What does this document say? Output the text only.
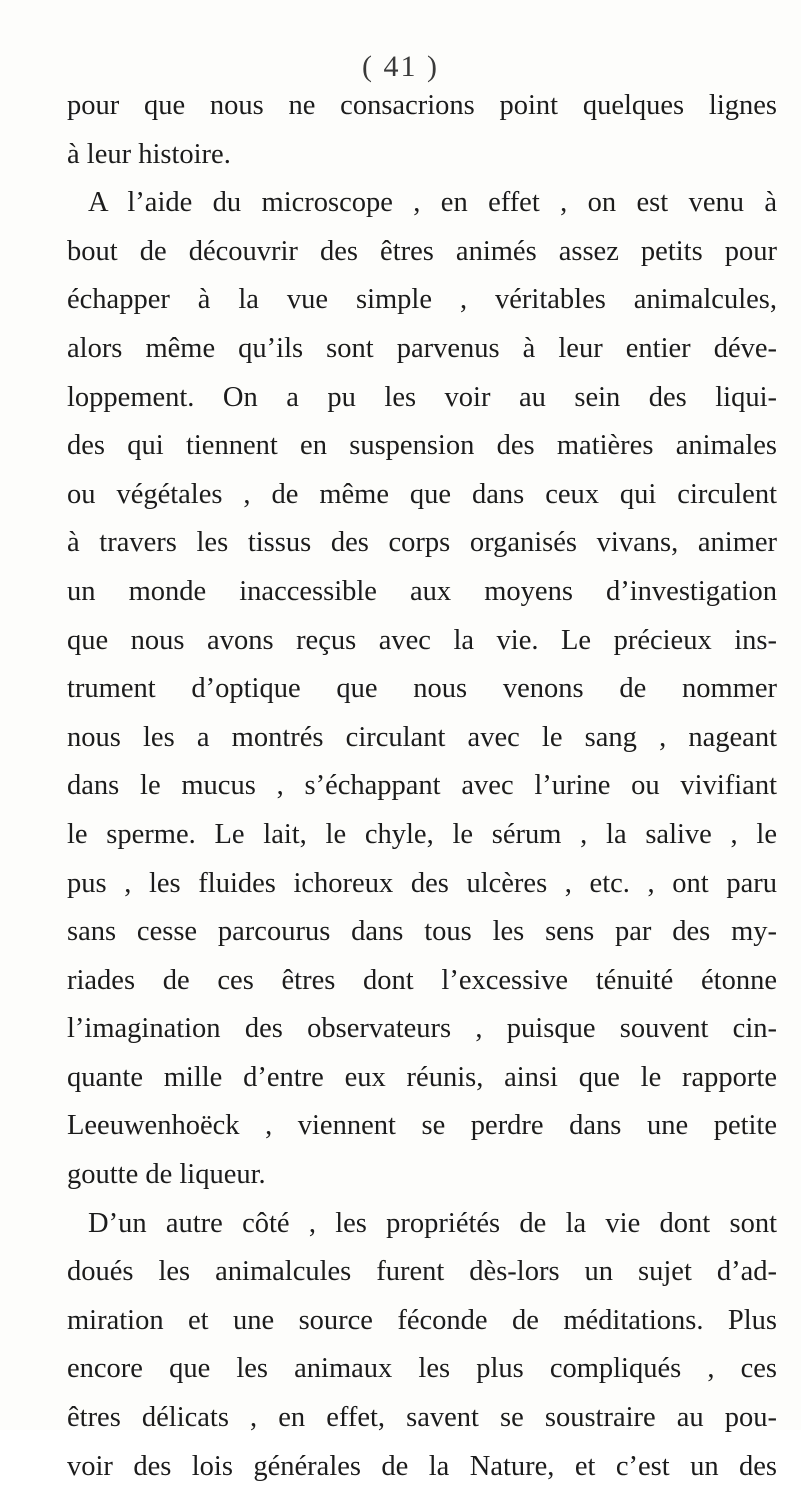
( 41 )
pour que nous ne consacrions point quelques lignes
à leur histoire.
A l’aide du microscope , en effet , on est venu à
bout de découvrir des êtres animés assez petits pour
échapper à la vue simple , véritables animalcules,
alors même qu’ils sont parvenus à leur entier déve-
loppement. On a pu les voir au sein des liqui-
des qui tiennent en suspension des matières animales
ou végétales , de même que dans ceux qui circulent
à travers les tissus des corps organisés vivans, animer
un monde inaccessible aux moyens d’investigation
que nous avons reçus avec la vie. Le précieux ins-
trument d’optique que nous venons de nommer
nous les a montrés circulant avec le sang , nageant
dans le mucus , s’échappant avec l’urine ou vivifiant
le sperme. Le lait, le chyle, le sérum , la salive , le
pus , les fluides ichoreux des ulcères , etc. , ont paru
sans cesse parcourus dans tous les sens par des my-
riades de ces êtres dont l’excessive ténuité étonne
l’imagination des observateurs , puisque souvent cin-
quante mille d’entre eux réunis, ainsi que le rapporte
Leeuwenhoëck , viennent se perdre dans une petite
goutte de liqueur.
D’un autre côté , les propriétés de la vie dont sont
doués les animalcules furent dès-lors un sujet d’ad-
miration et une source féconde de méditations. Plus
encore que les animaux les plus compliqués , ces
êtres délicats , en effet, savent se soustraire au pou-
voir des lois générales de la Nature, et c’est un des
